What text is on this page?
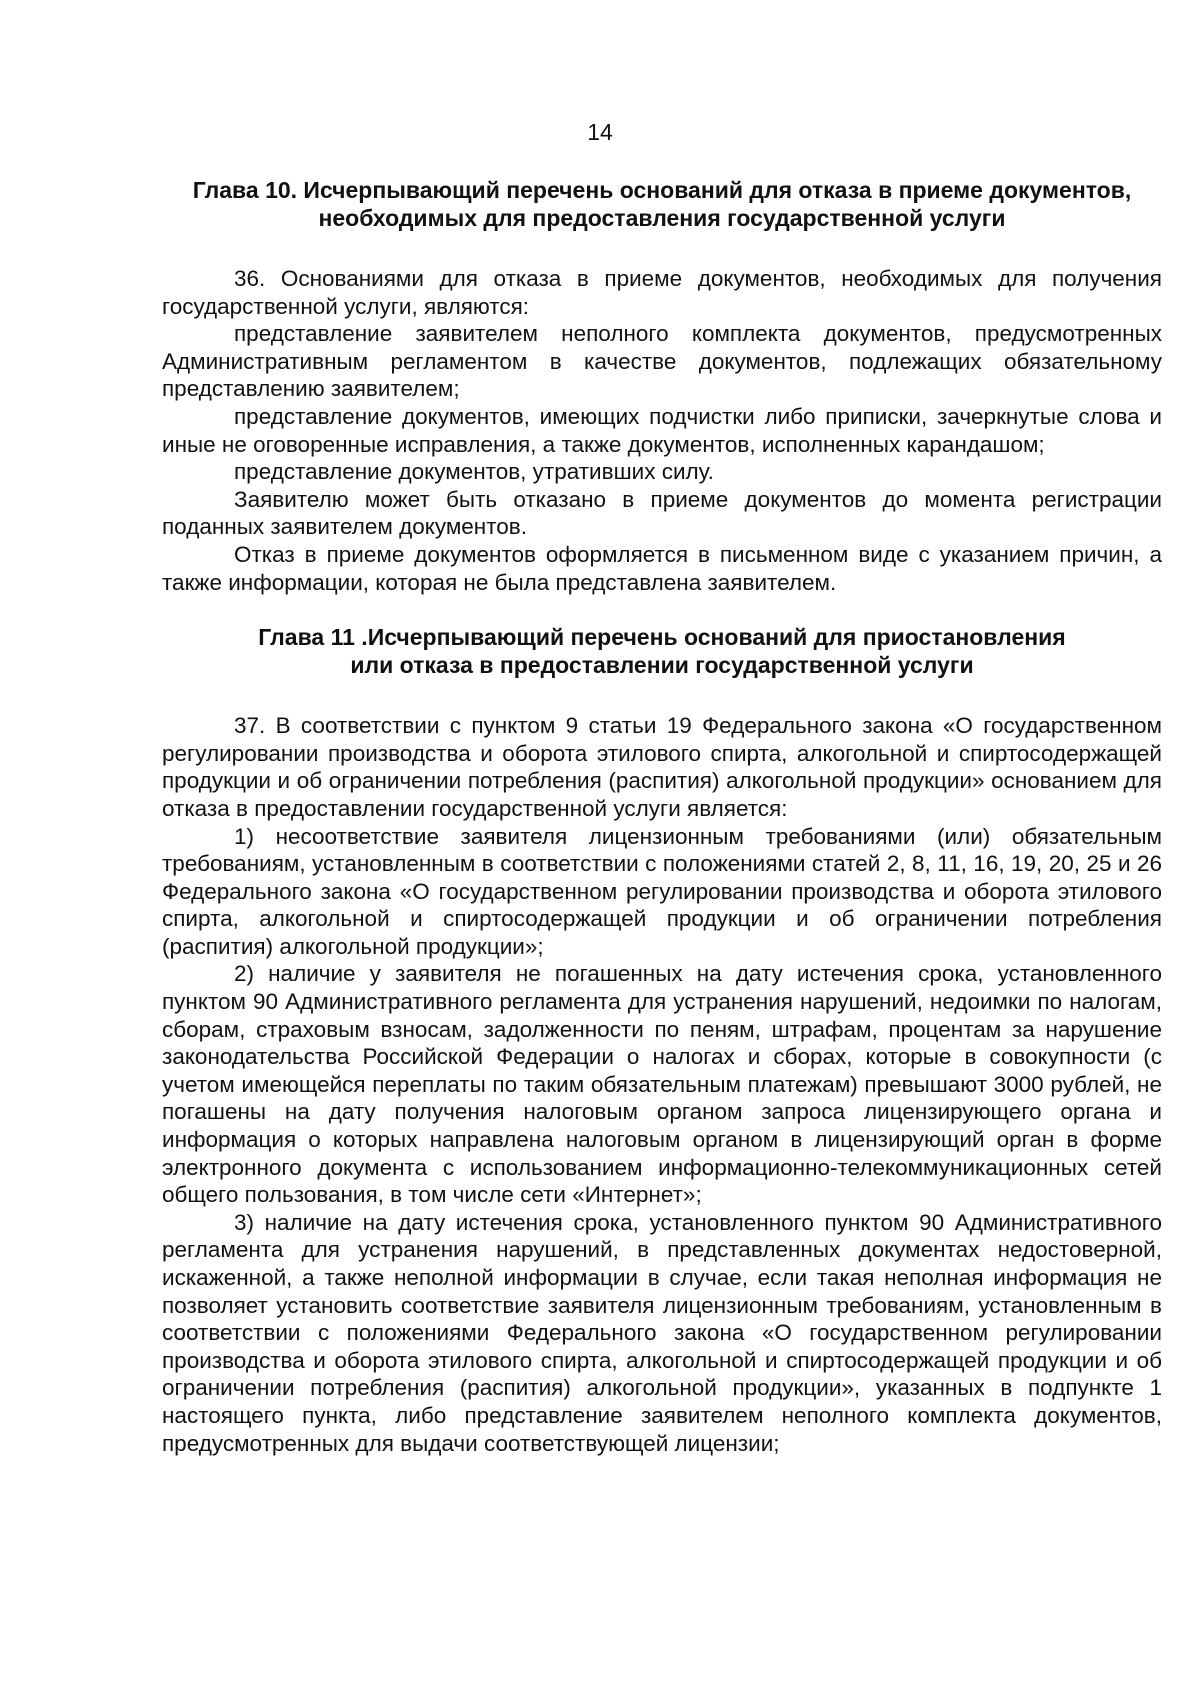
14
Глава 10. Исчерпывающий перечень оснований для отказа в приеме документов,
необходимых для предоставления государственной услуги

36. Основаниями для отказа в приеме документов, необходимых для получения государственной услуги, являются:

представление заявителем неполного комплекта документов, предусмотренных Административным регламентом в качестве документов, подлежащих обязательному представлению заявителем;

представление документов, имеющих подчистки либо приписки, зачеркнутые слова и иные не оговоренные исправления, а также документов, исполненных карандашом;

представление документов, утративших силу.

Заявителю может быть отказано в приеме документов до момента регистрации поданных заявителем документов.

Отказ в приеме документов оформляется в письменном виде с указанием причин, а также информации, которая не была представлена заявителем.

Глава 11 .Исчерпывающий перечень оснований для приостановления
или отказа в предоставлении государственной услуги

37. В соответствии с пунктом 9 статьи 19 Федерального закона «О государственном регулировании производства и оборота этилового спирта, алкогольной и спиртосодержащей продукции и об ограничении потребления (распития) алкогольной продукции» основанием для отказа в предоставлении государственной услуги является:

1) несоответствие заявителя лицензионным требованиями (или) обязательным требованиям, установленным в соответствии с положениями статей 2, 8, 11, 16, 19, 20, 25 и 26 Федерального закона «О государственном регулировании производства и оборота этилового спирта, алкогольной и спиртосодержащей продукции и об ограничении потребления (распития) алкогольной продукции»;

2) наличие у заявителя не погашенных на дату истечения срока, установленного пунктом 90 Административного регламента для устранения нарушений, недоимки по налогам, сборам, страховым взносам, задолженности по пеням, штрафам, процентам за нарушение законодательства Российской Федерации о налогах и сборах, которые в совокупности (с учетом имеющейся переплаты по таким обязательным платежам) превышают 3000 рублей, не погашены на дату получения налоговым органом запроса лицензирующего органа и информация о которых направлена налоговым органом в лицензирующий орган в форме электронного документа с использованием информационно-телекоммуникационных сетей общего пользования, в том числе сети «Интернет»;

3) наличие на дату истечения срока, установленного пунктом 90 Административного регламента для устранения нарушений, в представленных документах недостоверной, искаженной, а также неполной информации в случае, если такая неполная информация не позволяет установить соответствие заявителя лицензионным требованиям, установленным в соответствии с положениями Федерального закона «О государственном регулировании производства и оборота этилового спирта, алкогольной и спиртосодержащей продукции и об ограничении потребления (распития) алкогольной продукции», указанных в подпункте 1 настоящего пункта, либо представление заявителем неполного комплекта документов, предусмотренных для выдачи соответствующей лицензии;
